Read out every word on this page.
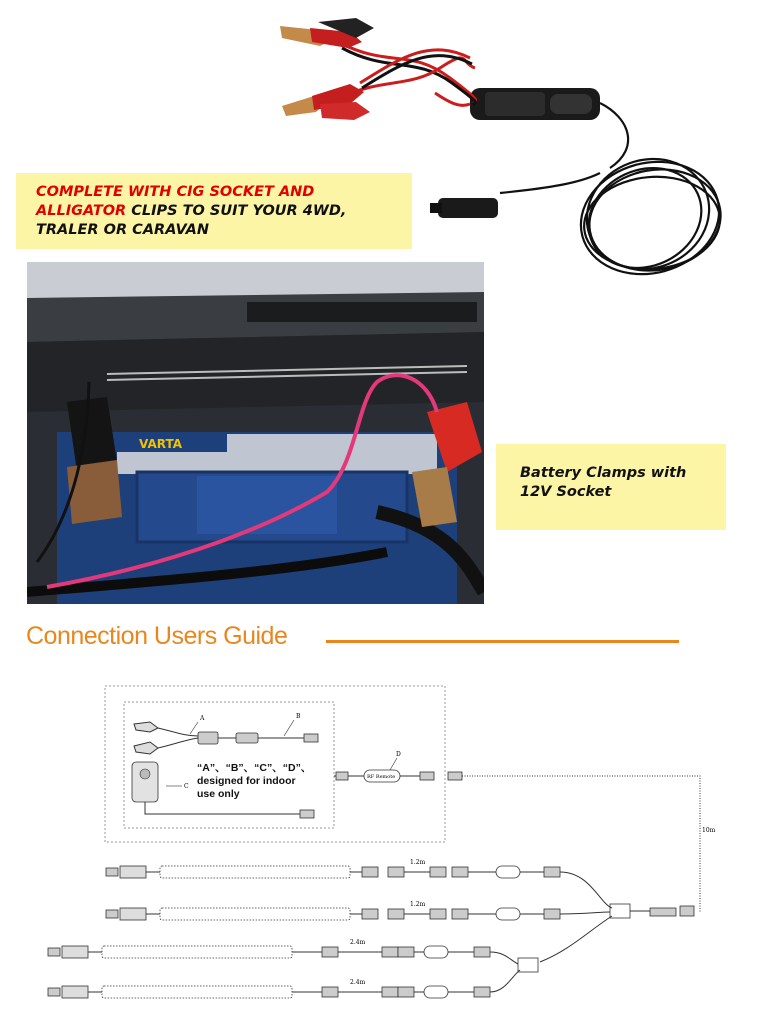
COMPLETE WITH CIG SOCKET AND
ALLIGATOR CLIPS TO SUIT YOUR 4WD,
TRALER OR CARAVAN
VARTA
Battery Clamps with
12V Socket
Connection Users Guide
A	B
C
RF Remote
D
10m
1.2m
1.2m
2.4m
2.4m
“A”、“B”、“C”、“D”、
designed for indoor
use only
